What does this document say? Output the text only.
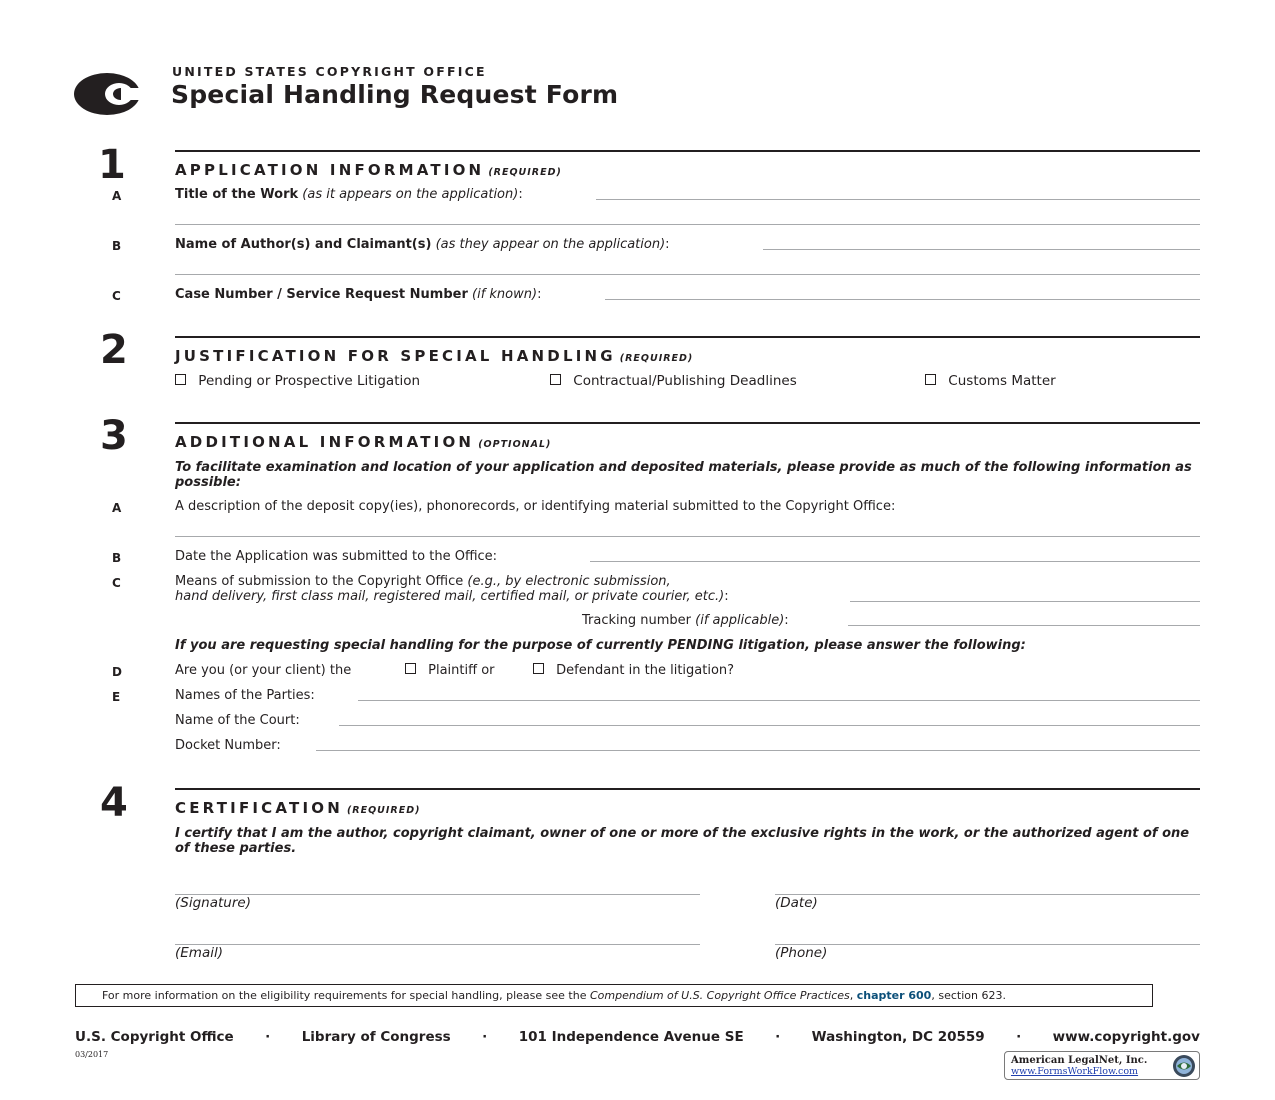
UNITED STATES COPYRIGHT OFFICE
Special Handling Request Form
1	APPLICATION INFORMATION (REQUIRED)
A	Title of the Work (as it appears on the application):
B	Name of Author(s) and Claimant(s) (as they appear on the application):
C	Case Number / Service Request Number (if known):
2	JUSTIFICATION FOR SPECIAL HANDLING (REQUIRED)
Pending or Prospective Litigation	Contractual/Publishing Deadlines	Customs Matter
3	ADDITIONAL INFORMATION (OPTIONAL)
To facilitate examination and location of your application and deposited materials, please provide as much of the following information as possible:
A	A description of the deposit copy(ies), phonorecords, or identifying material submitted to the Copyright Office:
B	Date the Application was submitted to the Office:
C	Means of submission to the Copyright Office (e.g., by electronic submission,
hand delivery, first class mail, registered mail, certified mail, or private courier, etc.):
Tracking number (if applicable):
If you are requesting special handling for the purpose of currently PENDING litigation, please answer the following:
D	Are you (or your client) the	Plaintiff or	Defendant in the litigation?
E	Names of the Parties:
Name of the Court:
Docket Number:
4	CERTIFICATION (REQUIRED)
I certify that I am the author, copyright claimant, owner of one or more of the exclusive rights in the work, or the authorized agent of one of these parties.
(Signature)	(Date)
(Email)	(Phone)
For more information on the eligibility requirements for special handling, please see the Compendium of U.S. Copyright Office Practices, chapter 600, section 623.
U.S. Copyright Office · Library of Congress · 101 Independence Avenue SE · Washington, DC 20559 · www.copyright.gov
03/2017
American LegalNet, Inc.
www.FormsWorkFlow.com
